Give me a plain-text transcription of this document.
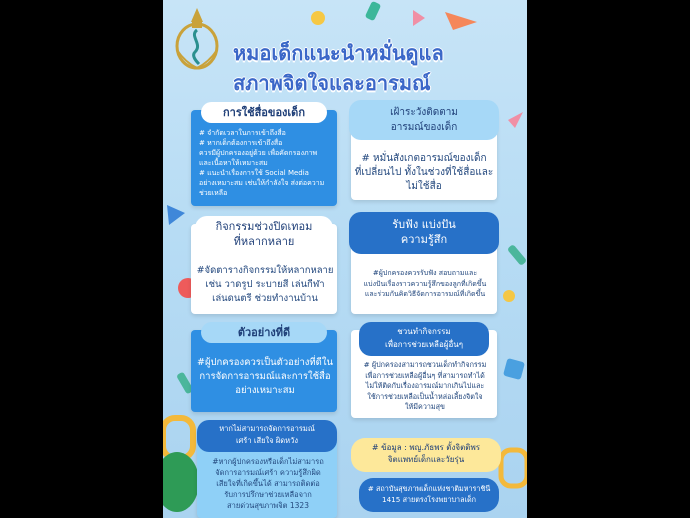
หมอเด็กแนะนำหมั่นดูแล
สภาพจิตใจและอารมณ์
การใช้สื่อของเด็ก
# จำกัดเวลาในการเข้าถึงสื่อ
# หากเด็กต้องการเข้าถึงสื่อ
ควรมีผู้ปกครองอยู่ด้วย เพื่อคัดกรองภาพ
และเนื้อหาให้เหมาะสม
# แนะนำเรื่องการใช้ Social Media
อย่างเหมาะสม เช่นให้กำลังใจ ส่งต่อความ
ช่วยเหลือ
เฝ้าระวังติดตาม
อารมณ์ของเด็ก
# หมั่นสังเกตอารมณ์ของเด็ก
ที่เปลี่ยนไป ทั้งในช่วงที่ใช้สื่อและ
ไม่ใช้สื่อ
กิจกรรมช่วงปิดเทอม
ที่หลากหลาย
#จัดตารางกิจกรรมให้หลากหลาย
เช่น วาดรูป ระบายสี เล่นกีฬา
เล่นดนตรี ช่วยทำงานบ้าน
รับฟัง แบ่งปัน
ความรู้สึก
#ผู้ปกครองควรรับฟัง สอบถามและ
แบ่งปันเรื่องราวความรู้สึกของลูกที่เกิดขึ้น
และร่วมกันคิดวิธีจัดการอารมณ์ที่เกิดขึ้น
ตัวอย่างที่ดี
#ผู้ปกครองควรเป็นตัวอย่างที่ดีใน
การจัดการอารมณ์และการใช้สื่อ
อย่างเหมาะสม
ชวนทำกิจกรรม
เพื่อการช่วยเหลือผู้อื่นๆ
# ผู้ปกครองสามารถชวนเด็กทำกิจกรรม
เพื่อการช่วยเหลือผู้อื่นๆ ที่สามารถทำได้
ไม่ให้ติดกับเรื่องอารมณ์มากเกินไปและ
ใช้การช่วยเหลือเป็นน้ำหล่อเลี้ยงจิตใจ
ให้มีความสุข
หากไม่สามารถจัดการอารมณ์
เศร้า เสียใจ ผิดหวัง
#หากผู้ปกครองหรือเด็กไม่สามารถ
จัดการอารมณ์เศร้า ความรู้สึกผิด
เสียใจที่เกิดขึ้นได้ สามารถติดต่อ
รับการปรึกษาช่วยเหลือจาก
สายด่วนสุขภาพจิต 1323
# ข้อมูล : พญ.ภัธพร ตั้งจิตติพร
จิตแพทย์เด็กและวัยรุ่น
# สถาบันสุขภาพเด็กแห่งชาติมหาราชินี
1415 สายตรงโรงพยาบาลเด็ก
